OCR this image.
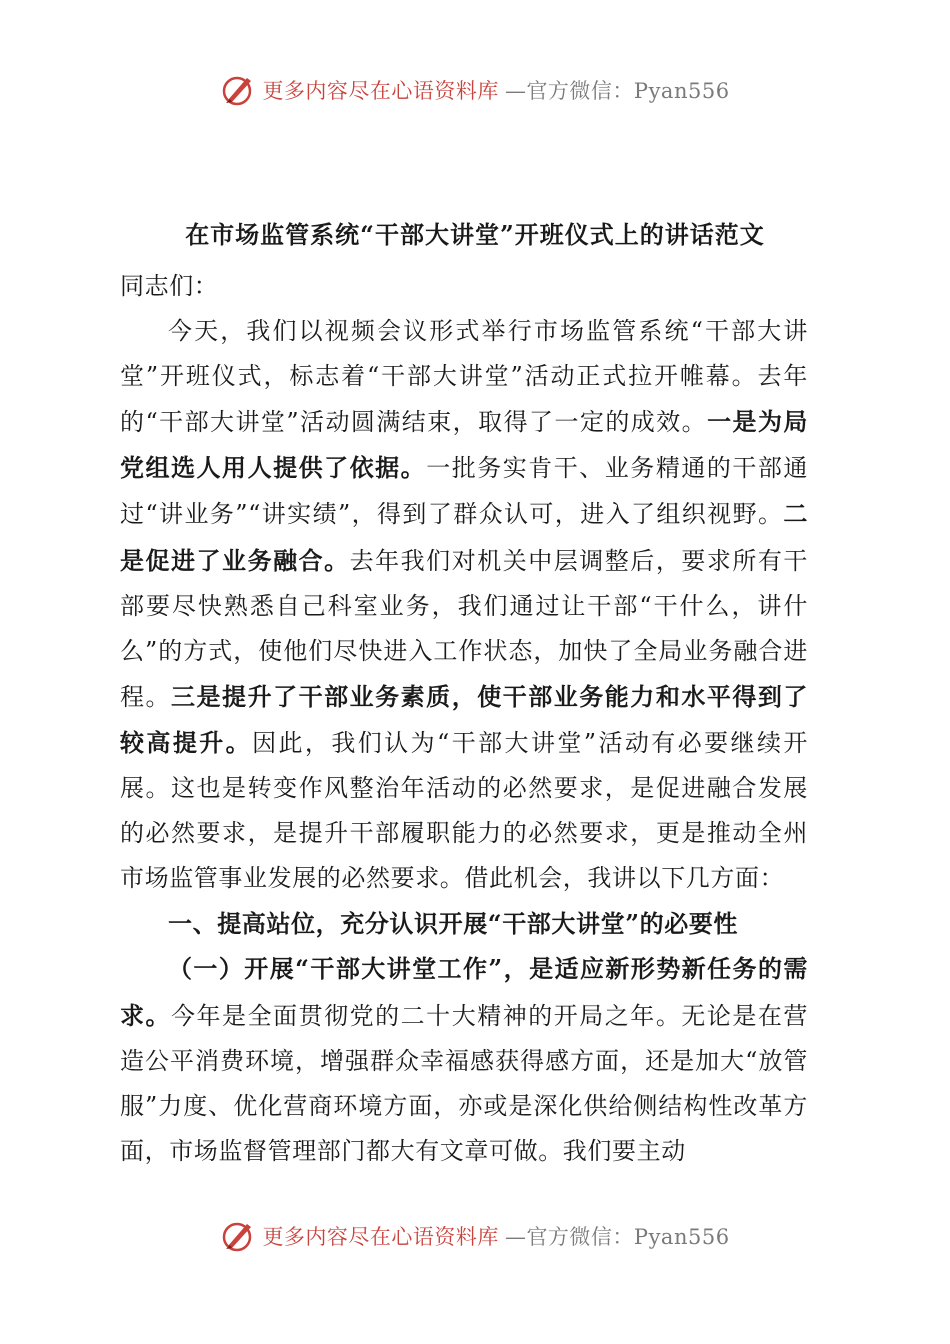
更多内容尽在心语资料库 —官方微信：Pyan556
在市场监管系统“干部大讲堂”开班仪式上的讲话范文

同志们：

今天，我们以视频会议形式举行市场监管系统“干部大讲堂”开班仪式，标志着“干部大讲堂”活动正式拉开帷幕。去年的“干部大讲堂”活动圆满结束，取得了一定的成效。一是为局党组选人用人提供了依据。一批务实肯干、业务精通的干部通过“讲业务”“讲实绩”，得到了群众认可，进入了组织视野。二是促进了业务融合。去年我们对机关中层调整后，要求所有干部要尽快熟悉自己科室业务，我们通过让干部“干什么，讲什么”的方式，使他们尽快进入工作状态，加快了全局业务融合进程。三是提升了干部业务素质，使干部业务能力和水平得到了较高提升。因此，我们认为“干部大讲堂”活动有必要继续开展。这也是转变作风整治年活动的必然要求，是促进融合发展的必然要求，是提升干部履职能力的必然要求，更是推动全州市场监管事业发展的必然要求。借此机会，我讲以下几方面：

一、提高站位，充分认识开展“干部大讲堂”的必要性

（一）开展“干部大讲堂工作”，是适应新形势新任务的需求。今年是全面贯彻党的二十大精神的开局之年。无论是在营造公平消费环境，增强群众幸福感获得感方面，还是加大“放管服”力度、优化营商环境方面，亦或是深化供给侧结构性改革方面，市场监督管理部门都大有文章可做。我们要主动

更多内容尽在心语资料库 —官方微信：Pyan556
